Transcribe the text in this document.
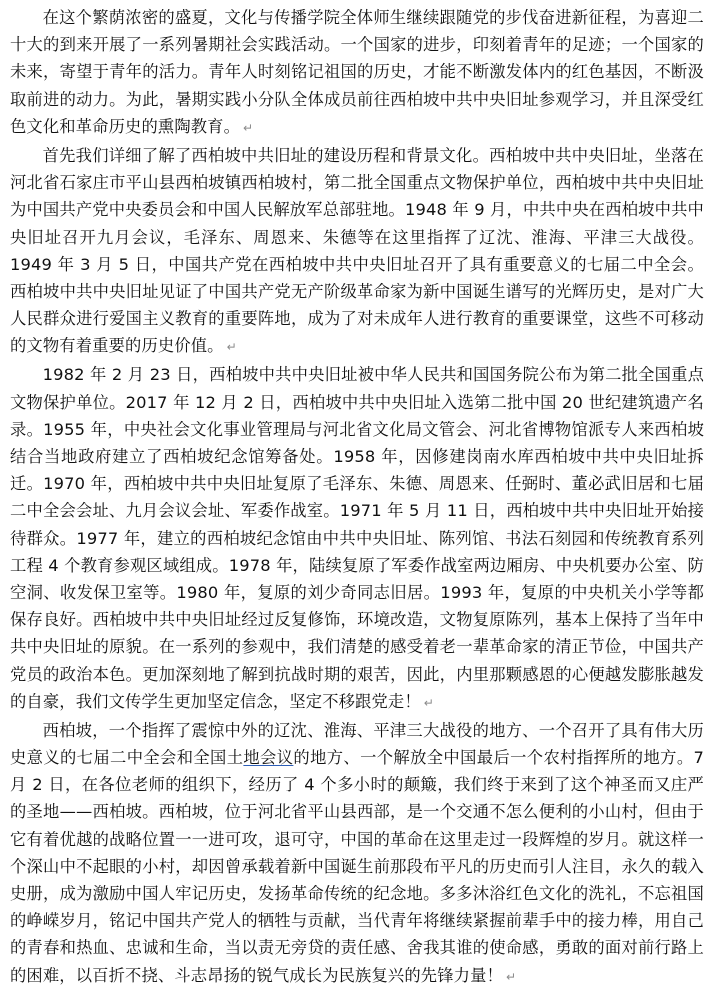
在这个繁荫浓密的盛夏，文化与传播学院全体师生继续跟随党的步伐奋进新征程，为喜迎二十大的到来开展了一系列暑期社会实践活动。一个国家的进步，印刻着青年的足迹；一个国家的未来，寄望于青年的活力。青年人时刻铭记祖国的历史，才能不断激发体内的红色基因，不断汲取前进的动力。为此，暑期实践小分队全体成员前往西柏坡中共中央旧址参观学习，并且深受红色文化和革命历史的熏陶教育。 ↵

首先我们详细了解了西柏坡中共旧址的建设历程和背景文化。西柏坡中共中央旧址，坐落在河北省石家庄市平山县西柏坡镇西柏坡村，第二批全国重点文物保护单位，西柏坡中共中央旧址为中国共产党中央委员会和中国人民解放军总部驻地。1948 年 9 月，中共中央在西柏坡中共中央旧址召开九月会议，毛泽东、周恩来、朱德等在这里指挥了辽沈、淮海、平津三大战役。1949 年 3 月 5 日，中国共产党在西柏坡中共中央旧址召开了具有重要意义的七届二中全会。西柏坡中共中央旧址见证了中国共产党无产阶级革命家为新中国诞生谱写的光辉历史，是对广大人民群众进行爱国主义教育的重要阵地，成为了对未成年人进行教育的重要课堂，这些不可移动的文物有着重要的历史价值。 ↵

1982 年 2 月 23 日，西柏坡中共中央旧址被中华人民共和国国务院公布为第二批全国重点文物保护单位。2017 年 12 月 2 日，西柏坡中共中央旧址入选第二批中国 20 世纪建筑遗产名录。1955 年，中央社会文化事业管理局与河北省文化局文管会、河北省博物馆派专人来西柏坡结合当地政府建立了西柏坡纪念馆筹备处。1958 年，因修建岗南水库西柏坡中共中央旧址拆迁。1970 年，西柏坡中共中央旧址复原了毛泽东、朱德、周恩来、任弼时、董必武旧居和七届二中全会会址、九月会议会址、军委作战室。1971 年 5 月 11 日，西柏坡中共中央旧址开始接待群众。1977 年，建立的西柏坡纪念馆由中共中央旧址、陈列馆、书法石刻园和传统教育系列工程 4 个教育参观区域组成。1978 年，陆续复原了军委作战室两边厢房、中央机要办公室、防空洞、收发保卫室等。1980 年，复原的刘少奇同志旧居。1993 年，复原的中央机关小学等都保存良好。西柏坡中共中央旧址经过反复修饰，环境改造，文物复原陈列，基本上保持了当年中共中央旧址的原貌。在一系列的参观中，我们清楚的感受着老一辈革命家的清正节俭，中国共产党员的政治本色。更加深刻地了解到抗战时期的艰苦，因此，内里那颗感恩的心便越发膨胀越发的自豪，我们文传学生更加坚定信念，坚定不移跟党走！ ↵

西柏坡，一个指挥了震惊中外的辽沈、淮海、平津三大战役的地方、一个召开了具有伟大历史意义的七届二中全会和全国土地会议的地方、一个解放全中国最后一个农村指挥所的地方。7 月 2 日，在各位老师的组织下，经历了 4 个多小时的颠簸，我们终于来到了这个神圣而又庄严的圣地——西柏坡。西柏坡，位于河北省平山县西部，是一个交通不怎么便利的小山村，但由于它有着优越的战略位置一一进可攻，退可守，中国的革命在这里走过一段辉煌的岁月。就这样一个深山中不起眼的小村，却因曾承载着新中国诞生前那段布平凡的历史而引人注目，永久的载入史册，成为激励中国人牢记历史，发扬革命传统的纪念地。多多沐浴红色文化的洗礼，不忘祖国的峥嵘岁月，铭记中国共产党人的牺牲与贡献，当代青年将继续紧握前辈手中的接力棒，用自己的青春和热血、忠诚和生命，当以责无旁贷的责任感、舍我其谁的使命感，勇敢的面对前行路上的困难，以百折不挠、斗志昂扬的锐气成长为民族复兴的先锋力量！ ↵
